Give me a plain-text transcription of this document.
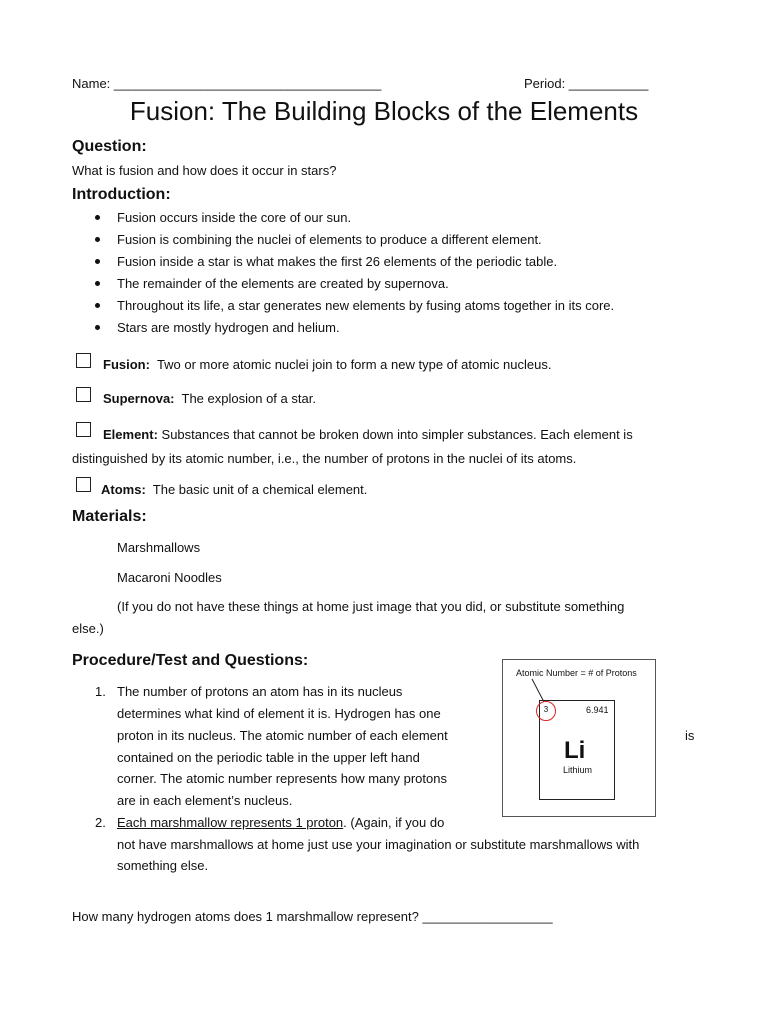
Name: _____________________________________	Period: ___________
Fusion: The Building Blocks of the Elements
Question:
What is fusion and how does it occur in stars?
Introduction:
Fusion occurs inside the core of our sun.
Fusion is combining the nuclei of elements to produce a different element.
Fusion inside a star is what makes the first 26 elements of the periodic table.
The remainder of the elements are created by supernova.
Throughout its life, a star generates new elements by fusing atoms together in its core.
Stars are mostly hydrogen and helium.
Fusion: Two or more atomic nuclei join to form a new type of atomic nucleus.
Supernova: The explosion of a star.
Element: Substances that cannot be broken down into simpler substances. Each element is
distinguished by its atomic number, i.e., the number of protons in the nuclei of its atoms.
Atoms: The basic unit of a chemical element.
Materials:
Marshmallows
Macaroni Noodles
(If you do not have these things at home just image that you did, or substitute something
else.)
Procedure/Test and Questions:
1. The number of protons an atom has in its nucleus
determines what kind of element it is. Hydrogen has one
proton in its nucleus. The atomic number of each element	is
contained on the periodic table in the upper left hand
corner. The atomic number represents how many protons
are in each element’s nucleus.
2. Each marshmallow represents 1 proton. (Again, if you do
not have marshmallows at home just use your imagination or substitute marshmallows with
something else.
Atomic Number = # of Protons
3	6.941
Li
Lithium
How many hydrogen atoms does 1 marshmallow represent? __________________
